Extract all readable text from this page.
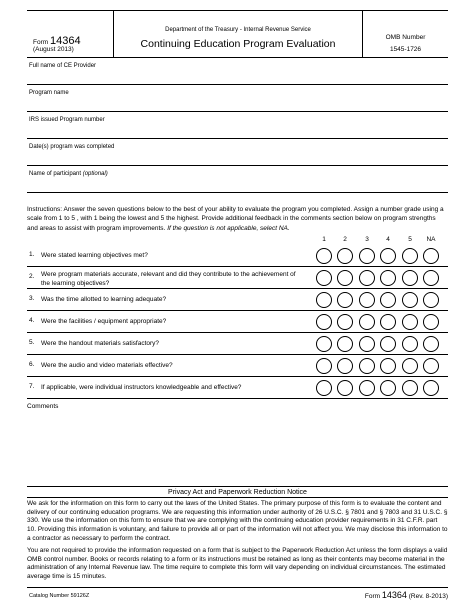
Form 14364
(August 2013)
Department of the Treasury - Internal Revenue Service
Continuing Education Program Evaluation
OMB Number
1545-1726
Full name of CE Provider
Program name
IRS issued Program number
Date(s) program was completed
Name of participant (optional)
Instructions: Answer the seven questions below to the best of your ability to evaluate the program you completed. Assign a number grade using a scale from 1 to 5 , with 1 being the lowest and 5 the highest. Provide additional feedback in the comments section below on program strengths and areas to assist with program improvements. If the question is not applicable, select NA.
1	2	3	4	5	NA
1. Were stated learning objectives met?
2. Were program materials accurate, relevant and did they contribute to the achievement of the learning objectives?
3. Was the time allotted to learning adequate?
4. Were the facilities / equipment appropriate?
5. Were the handout materials satisfactory?
6. Were the audio and video materials effective?
7. If applicable, were individual instructors knowledgeable and effective?
Comments
Privacy Act and Paperwork Reduction Notice
We ask for the information on this form to carry out the laws of the United States. The primary purpose of this form is to evaluate the content and delivery of our continuing education programs. We are requesting this information under authority of 26 U.S.C. § 7801 and § 7803 and 31 U.S.C. § 330. We use the information on this form to ensure that we are complying with the continuing education provider requirements in 31 C.F.R. part 10. Providing this information is voluntary, and failure to provide all or part of the information will not affect you. We may disclose this information to a contractor as necessary to perform the contract.
You are not required to provide the information requested on a form that is subject to the Paperwork Reduction Act unless the form displays a valid OMB control number. Books or records relating to a form or its instructions must be retained as long as their contents may become material in the administration of any Internal Revenue law. The time require to complete this form will vary depending on individual circumstances. The estimated average time is 15 minutes.
Catalog Number 59126Z	Form 14364 (Rev. 8-2013)
